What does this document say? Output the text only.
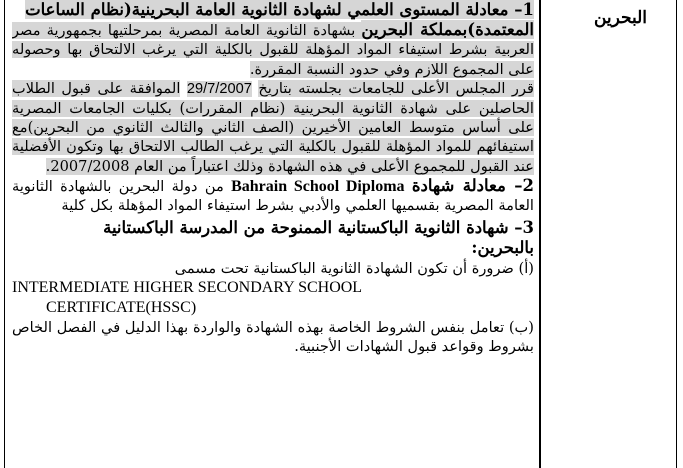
البحرين

1– معادلة المستوى العلمي لشهادة الثانوية العامة البحرينية(نظام الساعات
المعتمدة)بمملكة البحرين بشهادة الثانوية العامة المصرية بمرحلتيها بجمهورية مصر العربية بشرط استيفاء المواد المؤهلة للقبول بالكلية التي يرغب الالتحاق بها وحصوله على المجموع اللازم وفي حدود النسبة المقررة.

قرر المجلس الأعلى للجامعات بجلسته بتاريخ 29/7/2007 الموافقة على قبول الطلاب الحاصلين على شهادة الثانوية البحرينية (نظام المقررات) بكليات الجامعات المصرية على أساس متوسط العامين الأخيرين (الصف الثاني والثالث الثانوي من البحرين)مع استيفائهم للمواد المؤهلة للقبول بالكلية التي يرغب الطالب الالتحاق بها وتكون الأفضلية عند القبول للمجموع الأعلى في هذه الشهادة وذلك اعتباراً من العام 2007/2008.

2– معادلة شهادة Bahrain School Diploma من دولة البحرين بالشهادة الثانوية العامة المصرية بقسميها العلمي والأدبي بشرط استيفاء المواد المؤهلة بكل كلية

3– شهادة الثانوية الباكستانية الممنوحة من المدرسة الباكستانية
بالبحرين:

(أ) ضرورة أن تكون الشهادة الثانوية الباكستانية تحت مسمى

INTERMEDIATE HIGHER SECONDARY SCHOOL

CERTIFICATE(HSSC)

(ب) تعامل بنفس الشروط الخاصة بهذه الشهادة والواردة بهذا الدليل في الفصل الخاص بشروط وقواعد قبول الشهادات الأجنبية.
